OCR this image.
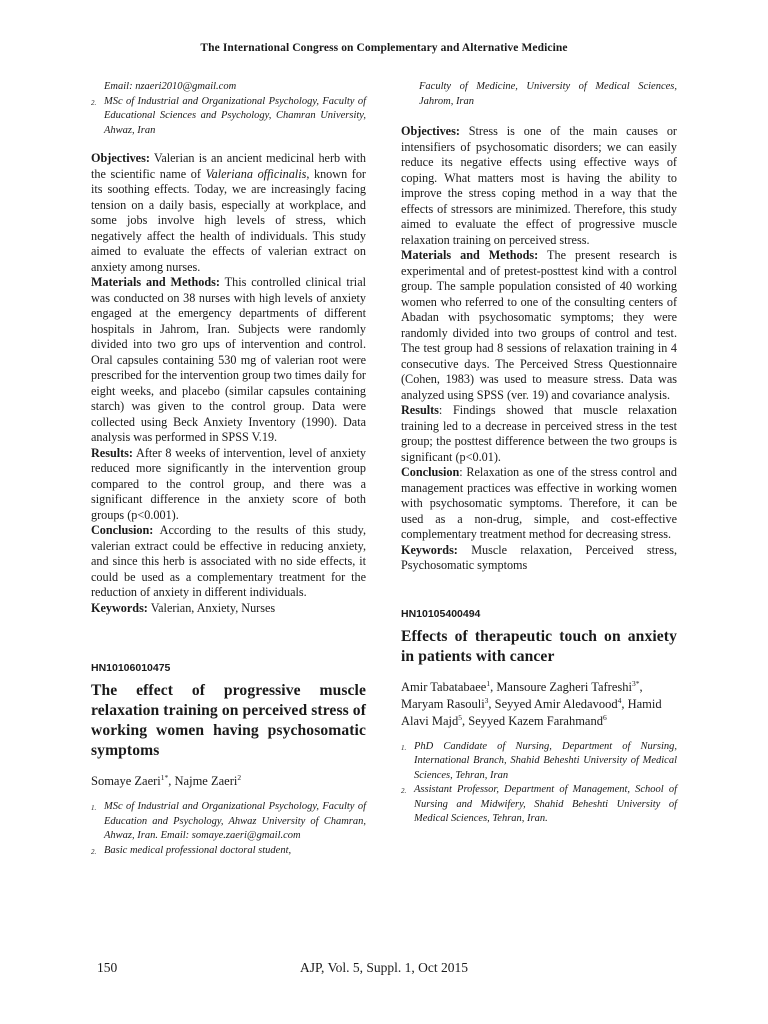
The International Congress on Complementary and Alternative Medicine
Email: nzaeri2010@gmail.com
2. MSc of Industrial and Organizational Psychology, Faculty of Educational Sciences and Psychology, Chamran University, Ahwaz, Iran

Objectives: Valerian is an ancient medicinal herb with the scientific name of Valeriana officinalis, known for its soothing effects. Today, we are increasingly facing tension on a daily basis, especially at workplace, and some jobs involve high levels of stress, which negatively affect the health of individuals. This study aimed to evaluate the effects of valerian extract on anxiety among nurses.

Materials and Methods: This controlled clinical trial was conducted on 38 nurses with high levels of anxiety engaged at the emergency departments of different hospitals in Jahrom, Iran. Subjects were randomly divided into two gro ups of intervention and control. Oral capsules containing 530 mg of valerian root were prescribed for the intervention group two times daily for eight weeks, and placebo (similar capsules containing starch) was given to the control group. Data were collected using Beck Anxiety Inventory (1990). Data analysis was performed in SPSS V.19.

Results: After 8 weeks of intervention, level of anxiety reduced more significantly in the intervention group compared to the control group, and there was a significant difference in the anxiety score of both groups (p<0.001).

Conclusion: According to the results of this study, valerian extract could be effective in reducing anxiety, and since this herb is associated with no side effects, it could be used as a complementary treatment for the reduction of anxiety in different individuals.

Keywords: Valerian, Anxiety, Nurses

HN10106010475
The effect of progressive muscle relaxation training on perceived stress of working women having psychosomatic symptoms
Somaye Zaeri$^{1*}$, Najme Zaeri$^2$
1. MSc of Industrial and Organizational Psychology, Faculty of Education and Psychology, Ahwaz University of Chamran, Ahwaz, Iran. Email: somaye.zaeri@gmail.com
2. Basic medical professional doctoral student,
Faculty of Medicine, University of Medical Sciences, Jahrom, Iran

Objectives: Stress is one of the main causes or intensifiers of psychosomatic disorders; we can easily reduce its negative effects using effective ways of coping. What matters most is having the ability to improve the stress coping method in a way that the effects of stressors are minimized. Therefore, this study aimed to evaluate the effect of progressive muscle relaxation training on perceived stress.

Materials and Methods: The present research is experimental and of pretest-posttest kind with a control group. The sample population consisted of 40 working women who referred to one of the consulting centers of Abadan with psychosomatic symptoms; they were randomly divided into two groups of control and test. The test group had 8 sessions of relaxation training in 4 consecutive days. The Perceived Stress Questionnaire (Cohen, 1983) was used to measure stress. Data was analyzed using SPSS (ver. 19) and covariance analysis.

Results: Findings showed that muscle relaxation training led to a decrease in perceived stress in the test group; the posttest difference between the two groups is significant (p<0.01).

Conclusion: Relaxation as one of the stress control and management practices was effective in working women with psychosomatic symptoms. Therefore, it can be used as a non-drug, simple, and cost-effective complementary treatment method for decreasing stress.

Keywords: Muscle relaxation, Perceived stress, Psychosomatic symptoms

HN10105400494
Effects of therapeutic touch on anxiety in patients with cancer
Amir Tabatabaee$^1$, Mansoure Zagheri Tafreshi$^{3*}$, Maryam Rasouli$^3$, Seyyed Amir Aledavood$^4$, Hamid Alavi Majd$^5$, Seyyed Kazem Farahmand$^6$
1. PhD Candidate of Nursing, Department of Nursing, International Branch, Shahid Beheshti University of Medical Sciences, Tehran, Iran
2. Assistant Professor, Department of Management, School of Nursing and Midwifery, Shahid Beheshti University of Medical Sciences, Tehran, Iran.
150	AJP, Vol. 5, Suppl. 1, Oct 2015
